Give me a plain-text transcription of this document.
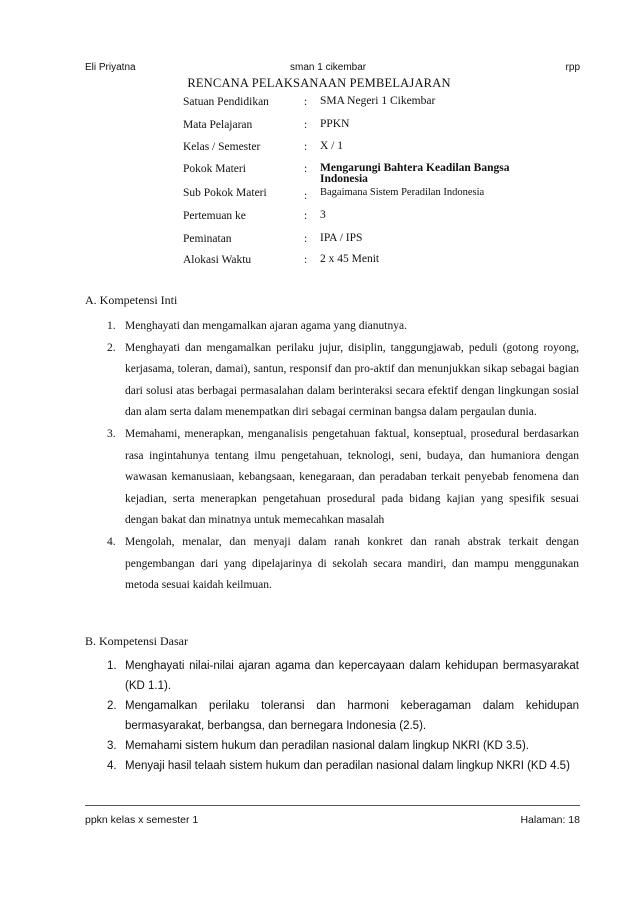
Eli Priyatna	sman 1 cikembar	rpp
RENCANA PELAKSANAAN PEMBELAJARAN
Satuan Pendidikan	: SMA Negeri 1 Cikembar
Mata Pelajaran	: PPKN
Kelas / Semester	: X / 1
Pokok Materi	: Mengarungi Bahtera Keadilan Bangsa Indonesia
Sub Pokok Materi	: Bagaimana Sistem Peradilan Indonesia
Pertemuan ke	: 3
Peminatan	: IPA / IPS
Alokasi Waktu	: 2 x 45 Menit
A. Kompetensi Inti
1. Menghayati dan mengamalkan ajaran agama yang dianutnya.
2. Menghayati dan mengamalkan perilaku jujur, disiplin, tanggungjawab, peduli (gotong royong, kerjasama, toleran, damai), santun, responsif dan pro-aktif dan menunjukkan sikap sebagai bagian dari solusi atas berbagai permasalahan dalam berinteraksi secara efektif dengan lingkungan sosial dan alam serta dalam menempatkan diri sebagai cerminan bangsa dalam pergaulan dunia.
3. Memahami, menerapkan, menganalisis pengetahuan faktual, konseptual, prosedural berdasarkan rasa ingintahunya tentang ilmu pengetahuan, teknologi, seni, budaya, dan humaniora dengan wawasan kemanusiaan, kebangsaan, kenegaraan, dan peradaban terkait penyebab fenomena dan kejadian, serta menerapkan pengetahuan prosedural pada bidang kajian yang spesifik sesuai dengan bakat dan minatnya untuk memecahkan masalah
4. Mengolah, menalar, dan menyaji dalam ranah konkret dan ranah abstrak terkait dengan pengembangan dari yang dipelajarinya di sekolah secara mandiri, dan mampu menggunakan metoda sesuai kaidah keilmuan.
B. Kompetensi Dasar
1. Menghayati nilai-nilai ajaran agama dan kepercayaan dalam kehidupan bermasyarakat (KD 1.1).
2. Mengamalkan perilaku toleransi dan harmoni keberagaman dalam kehidupan bermasyarakat, berbangsa, dan bernegara Indonesia (2.5).
3. Memahami sistem hukum dan peradilan nasional dalam lingkup NKRI (KD 3.5).
4. Menyaji hasil telaah sistem hukum dan peradilan nasional dalam lingkup NKRI (KD 4.5)
ppkn kelas x semester 1	Halaman: 18
